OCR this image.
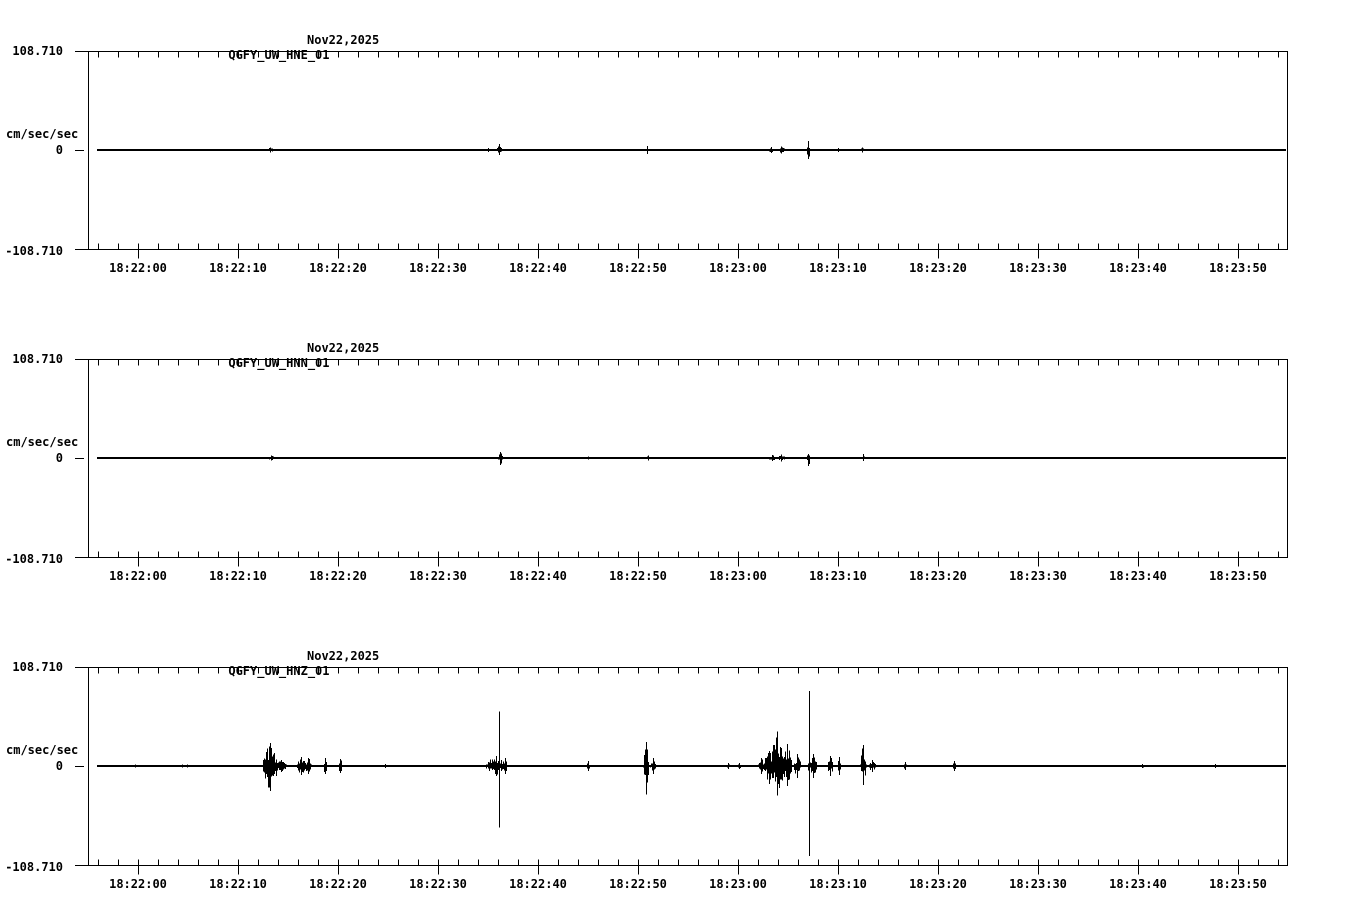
QGFY_UW_HNE_01

Nov22,2025

108.710
cm/sec/sec
0
-108.710
18:22:00	18:22:10	18:22:20	18:22:30	18:22:40	18:22:50	18:23:00	18:23:10	18:23:20	18:23:30	18:23:40	18:23:50

QGFY_UW_HNN_01

Nov22,2025

108.710
cm/sec/sec
0
-108.710
18:22:00	18:22:10	18:22:20	18:22:30	18:22:40	18:22:50	18:23:00	18:23:10	18:23:20	18:23:30	18:23:40	18:23:50

QGFY_UW_HNZ_01

Nov22,2025

108.710
cm/sec/sec
0
-108.710
18:22:00	18:22:10	18:22:20	18:22:30	18:22:40	18:22:50	18:23:00	18:23:10	18:23:20	18:23:30	18:23:40	18:23:50
